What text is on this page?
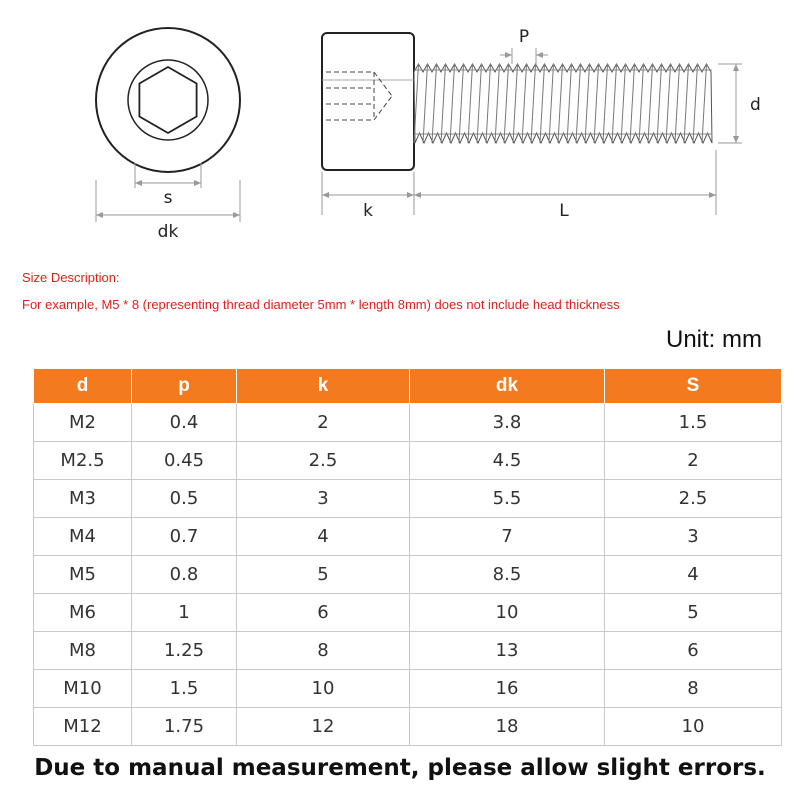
s
dk
P
d
k	L
Size Description:
For example, M5 * 8 (representing thread diameter 5mm * length 8mm) does not include head thickness
Unit: mm
d	p	k	dk	S
M2	0.4	2	3.8	1.5
M2.5	0.45	2.5	4.5	2
M3	0.5	3	5.5	2.5
M4	0.7	4	7	3
M5	0.8	5	8.5	4
M6	1	6	10	5
M8	1.25	8	13	6
M10	1.5	10	16	8
M12	1.75	12	18	10
Due to manual measurement, please allow slight errors.
